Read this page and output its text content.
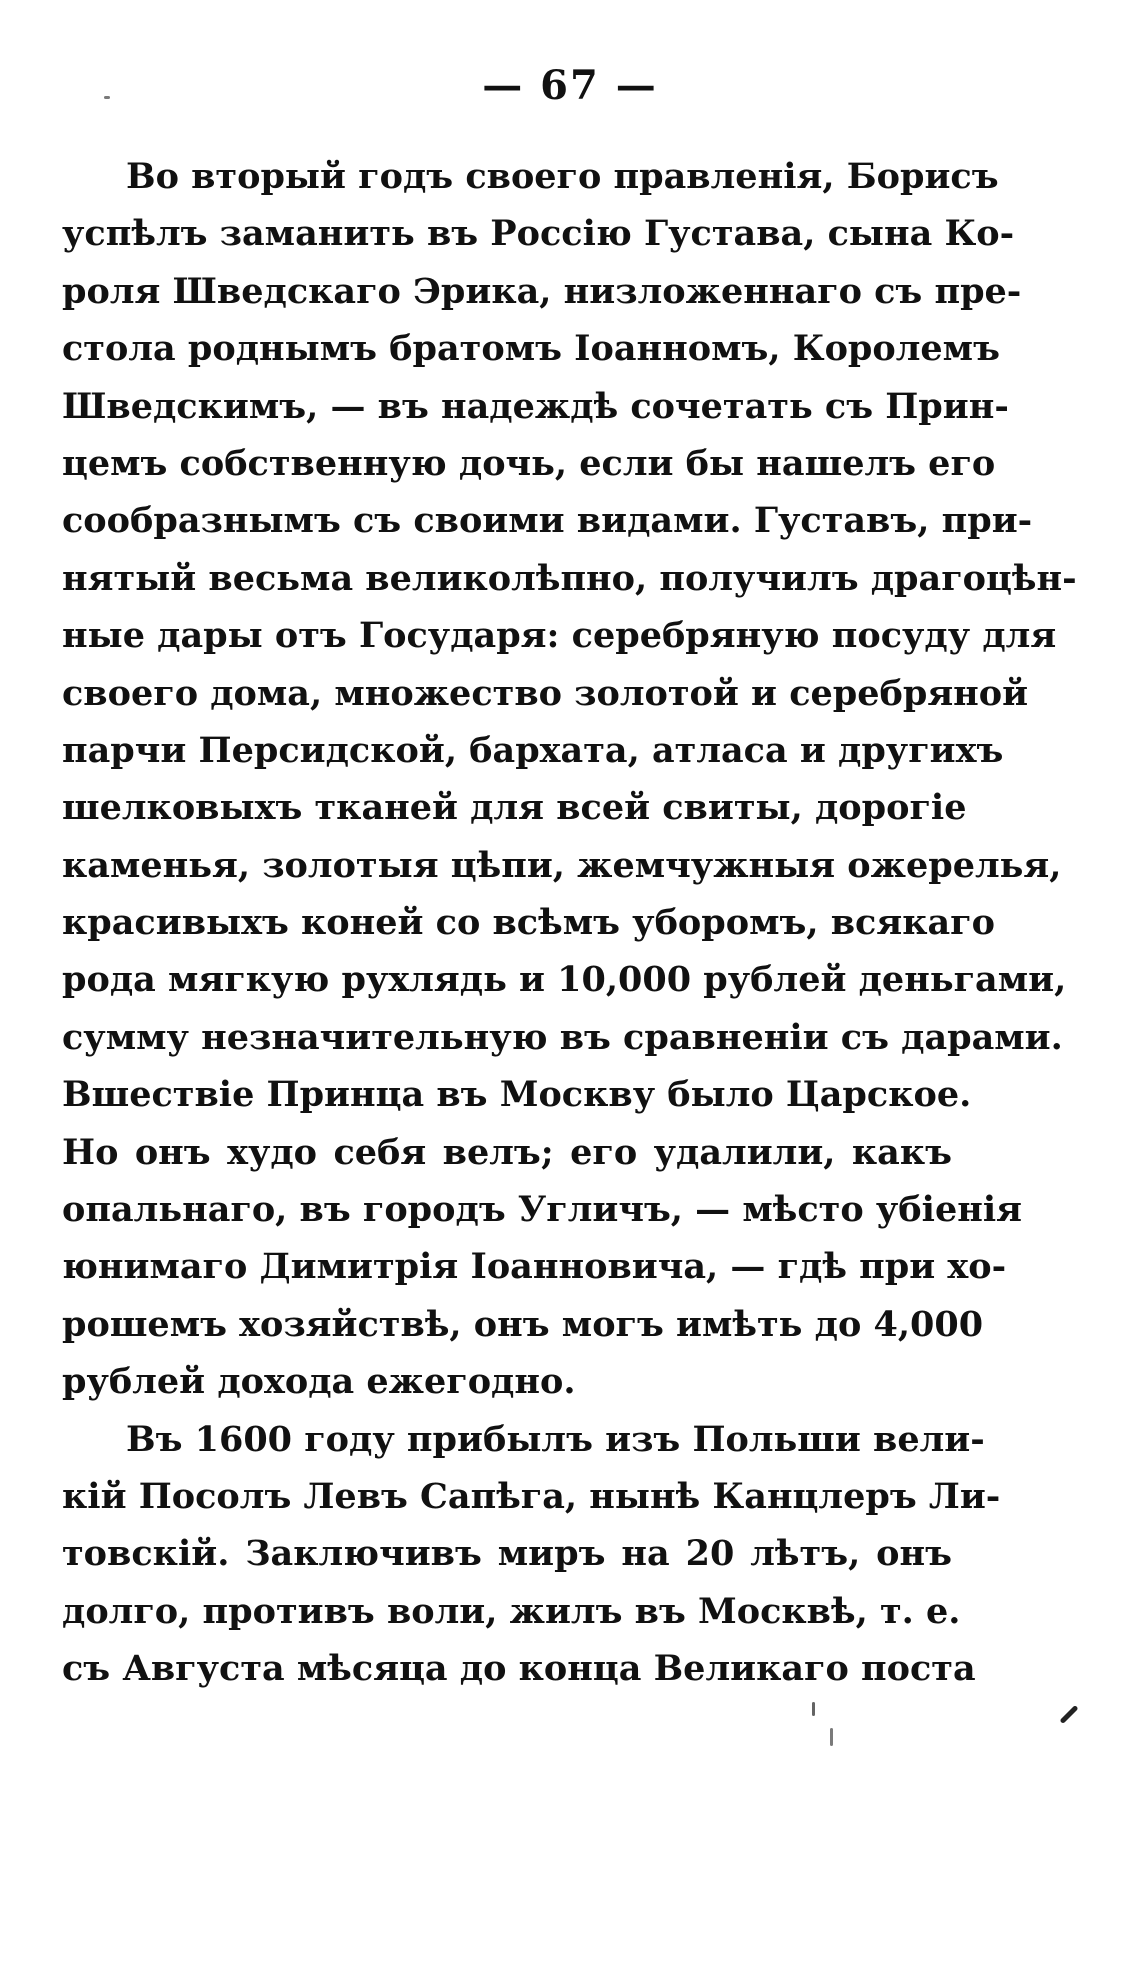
— 67 —
Во вторый годъ своего правленія, Борисъ
успѣлъ заманить въ Россію Густава, сына Ко-
роля Шведскаго Эрика, низложеннаго съ пре-
стола роднымъ братомъ Іоанномъ, Королемъ
Шведскимъ, — въ надеждѣ сочетать съ Прин-
цемъ собственную дочь, если бы нашелъ его
сообразнымъ съ своими видами. Густавъ, при-
нятый весьма великолѣпно, получилъ драгоцѣн-
ные дары отъ Государя: серебряную посуду для
своего дома, множество золотой и серебряной
парчи Персидской, бархата, атласа и другихъ
шелковыхъ тканей для всей свиты, дорогіе
каменья, золотыя цѣпи, жемчужныя ожерелья,
красивыхъ коней со всѣмъ уборомъ, всякаго
рода мягкую рухлядь и 10,000 рублей деньгами,
сумму незначительную въ сравненіи съ дарами.
Вшествіе Принца въ Москву было Царское.
Но онъ худо себя велъ; его удалили, какъ
опальнаго, въ городъ Угличъ, — мѣсто убіенія
юнимаго Димитрія Іоанновича, — гдѣ при хо-
рошемъ хозяйствѣ, онъ могъ имѣть до 4,000
рублей дохода ежегодно.
Въ 1600 году прибылъ изъ Польши вели-
кій Посолъ Левъ Сапѣга, нынѣ Канцлеръ Ли-
товскій. Заключивъ миръ на 20 лѣтъ, онъ
долго, противъ воли, жилъ въ Москвѣ, т. е.
съ Августа мѣсяца до конца Великаго поста
